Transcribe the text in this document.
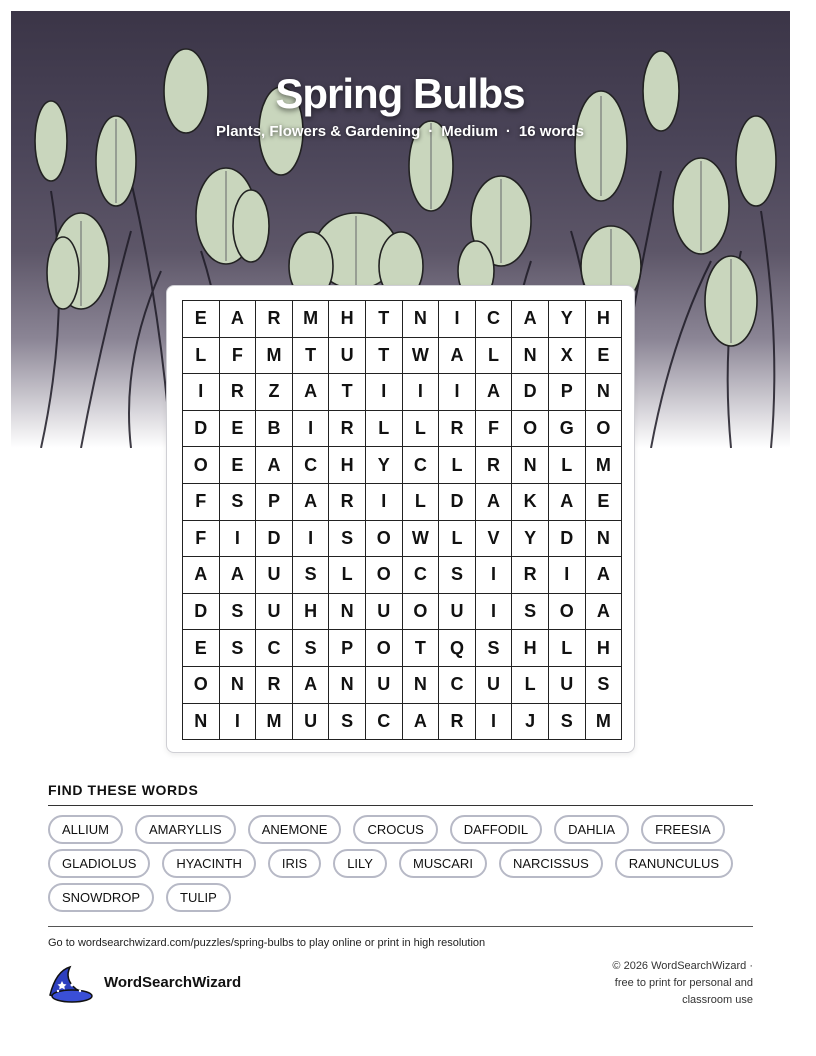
Spring Bulbs
Plants, Flowers & Gardening · Medium · 16 words
E	A	R	M	H	T	N	I	C	A	Y	H
L	F	M	T	U	T	W	A	L	N	X	E
I	R	Z	A	T	I	I	I	A	D	P	N
D	E	B	I	R	L	L	R	F	O	G	O
O	E	A	C	H	Y	C	L	R	N	L	M
F	S	P	A	R	I	L	D	A	K	A	E
F	I	D	I	S	O	W	L	V	Y	D	N
A	A	U	S	L	O	C	S	I	R	I	A
D	S	U	H	N	U	O	U	I	S	O	A
E	S	C	S	P	O	T	Q	S	H	L	H
O	N	R	A	N	U	N	C	U	L	U	S
N	I	M	U	S	C	A	R	I	J	S	M
FIND THESE WORDS
ALLIUM	AMARYLLIS	ANEMONE	CROCUS	DAFFODIL	DAHLIA	FREESIA
GLADIOLUS	HYACINTH	IRIS	LILY	MUSCARI	NARCISSUS	RANUNCULUS
SNOWDROP	TULIP
Go to wordsearchwizard.com/puzzles/spring-bulbs to play online or print in high resolution
WordSearchWizard
© 2026 WordSearchWizard ·
free to print for personal and
classroom use
